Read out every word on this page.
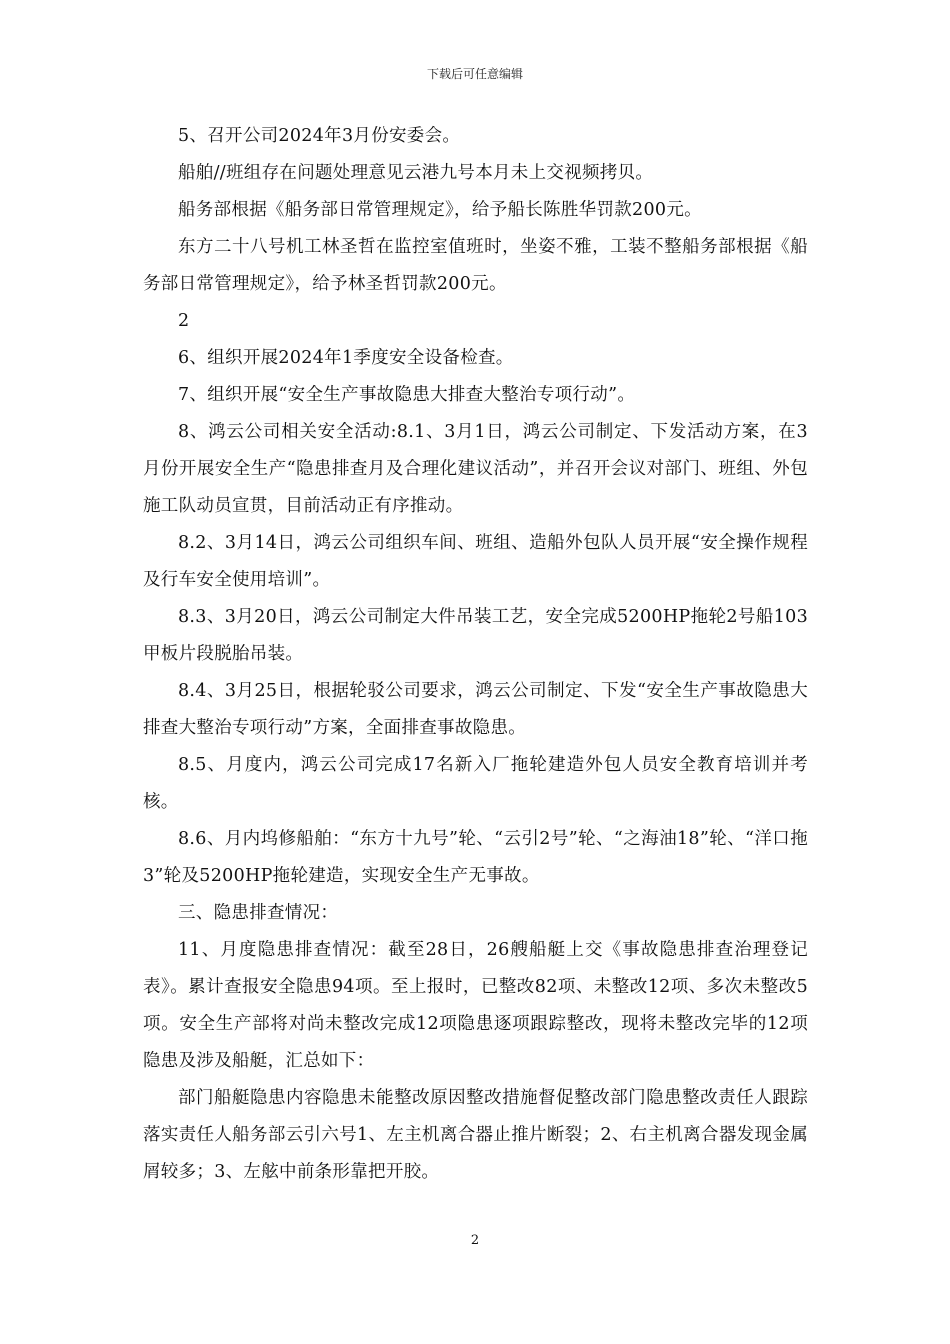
下载后可任意编辑

5、召开公司2024年3月份安委会。

船舶//班组存在问题处理意见云港九号本月未上交视频拷贝。

船务部根据《船务部日常管理规定》，给予船长陈胜华罚款200元。

东方二十八号机工林圣哲在监控室值班时，坐姿不雅，工装不整船务部根据《船务部日常管理规定》，给予林圣哲罚款200元。

2

6、组织开展2024年1季度安全设备检查。

7、组织开展“安全生产事故隐患大排查大整治专项行动”。

8、鸿云公司相关安全活动:8.1、3月1日，鸿云公司制定、下发活动方案，在3月份开展安全生产“隐患排查月及合理化建议活动”，并召开会议对部门、班组、外包施工队动员宣贯，目前活动正有序推动。

8.2、3月14日，鸿云公司组织车间、班组、造船外包队人员开展“安全操作规程及行车安全使用培训”。

8.3、3月20日，鸿云公司制定大件吊装工艺，安全完成5200HP拖轮2号船103甲板片段脱胎吊装。

8.4、3月25日，根据轮驳公司要求，鸿云公司制定、下发“安全生产事故隐患大排查大整治专项行动”方案，全面排查事故隐患。

8.5、月度内，鸿云公司完成17名新入厂拖轮建造外包人员安全教育培训并考核。

8.6、月内坞修船舶：“东方十九号”轮、“云引2号”轮、“之海油18”轮、“洋口拖3”轮及5200HP拖轮建造，实现安全生产无事故。

三、隐患排查情况：

11、月度隐患排查情况：截至28日，26艘船艇上交《事故隐患排查治理登记表》。累计查报安全隐患94项。至上报时，已整改82项、未整改12项、多次未整改5项。安全生产部将对尚未整改完成12项隐患逐项跟踪整改，现将未整改完毕的12项隐患及涉及船艇，汇总如下：

部门船艇隐患内容隐患未能整改原因整改措施督促整改部门隐患整改责任人跟踪落实责任人船务部云引六号1、左主机离合器止推片断裂；2、右主机离合器发现金属屑较多；3、左舷中前条形靠把开胶。

2
